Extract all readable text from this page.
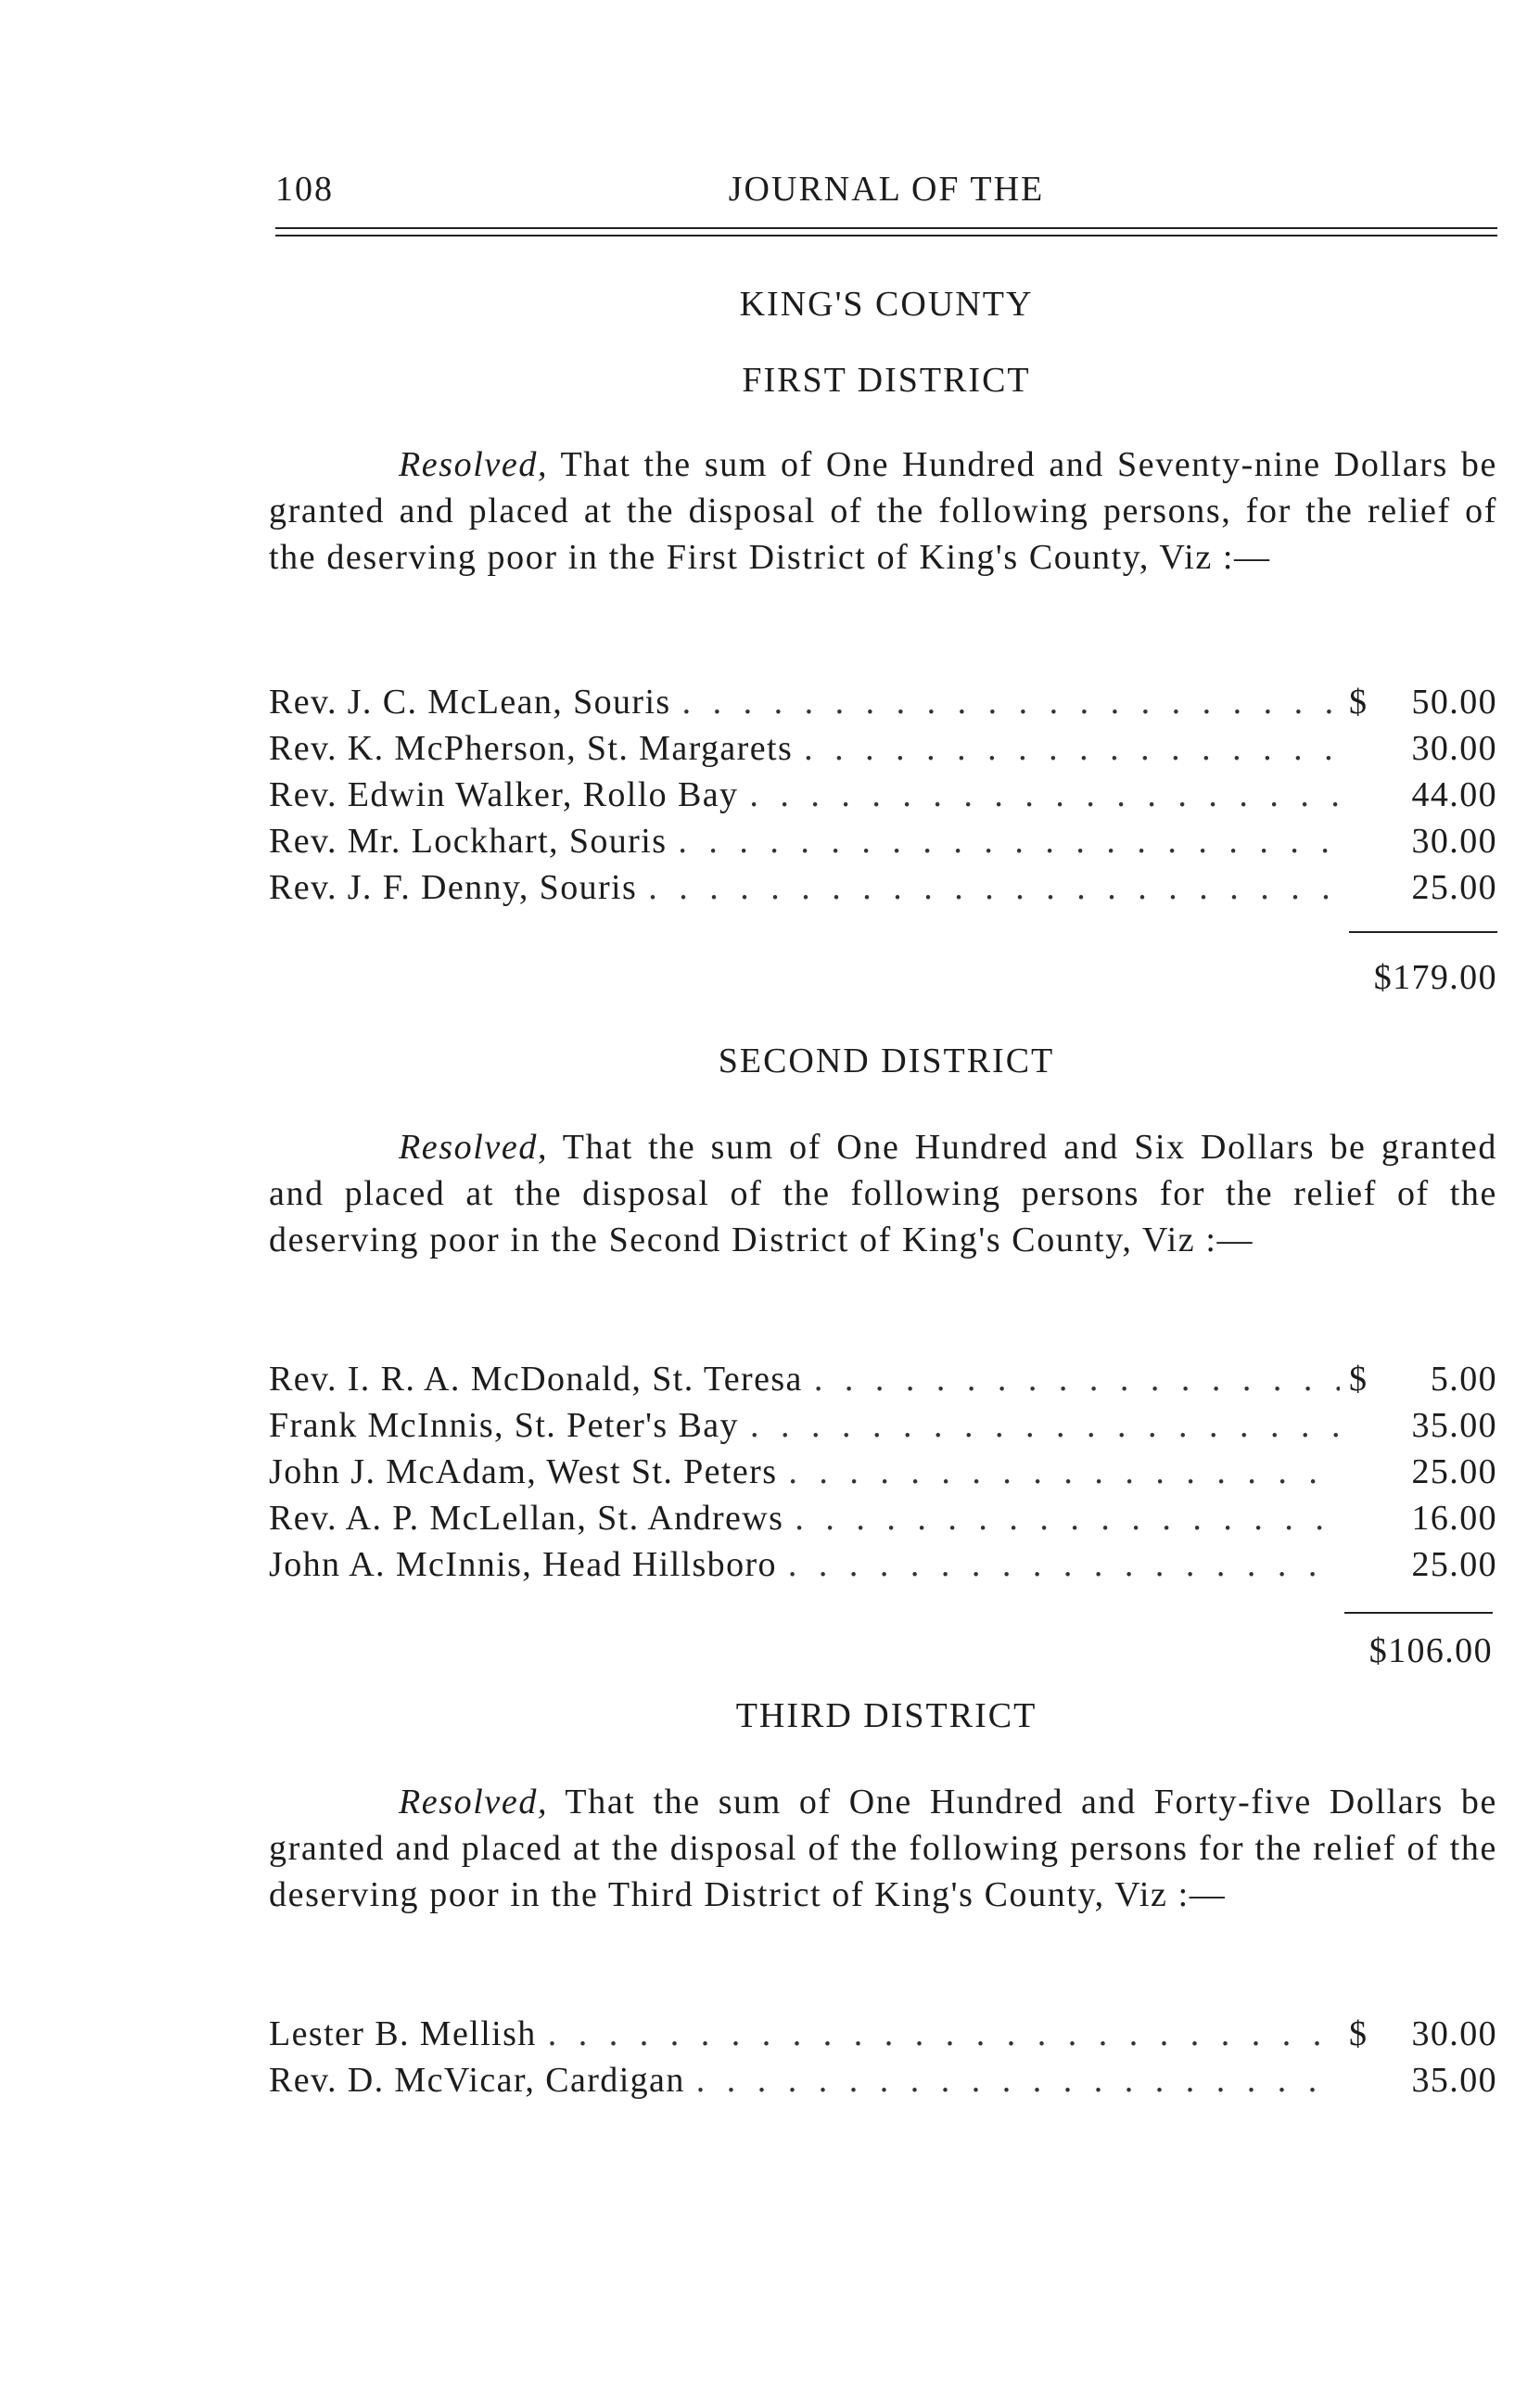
108	JOURNAL OF THE
KING'S COUNTY
FIRST DISTRICT
Resolved, That the sum of One Hundred and Seventy-nine Dollars be granted and placed at the disposal of the following persons, for the relief of the deserving poor in the First District of King's County, Viz :—
Rev. J. C. McLean, Souris . . .	$	50.00
Rev. K. McPherson, St. Margarets . . .	30.00
Rev. Edwin Walker, Rollo Bay . . .	44.00
Rev. Mr. Lockhart, Souris . . .	30.00
Rev. J. F. Denny, Souris . . .	25.00
$179.00
SECOND DISTRICT
Resolved, That the sum of One Hundred and Six Dollars be granted and placed at the disposal of the following persons for the relief of the deserving poor in the Second District of King's County, Viz :—
Rev. I. R. A. McDonald, St. Teresa . . .	$	5.00
Frank McInnis, St. Peter's Bay . . .	35.00
John J. McAdam, West St. Peters . . .	25.00
Rev. A. P. McLellan, St. Andrews . . .	16.00
John A. McInnis, Head Hillsboro . . .	25.00
$106.00
THIRD DISTRICT
Resolved, That the sum of One Hundred and Forty-five Dollars be granted and placed at the disposal of the following persons for the relief of the deserving poor in the Third District of King's County, Viz :—
Lester B. Mellish . . .	$	30.00
Rev. D. McVicar, Cardigan . . .	35.00
